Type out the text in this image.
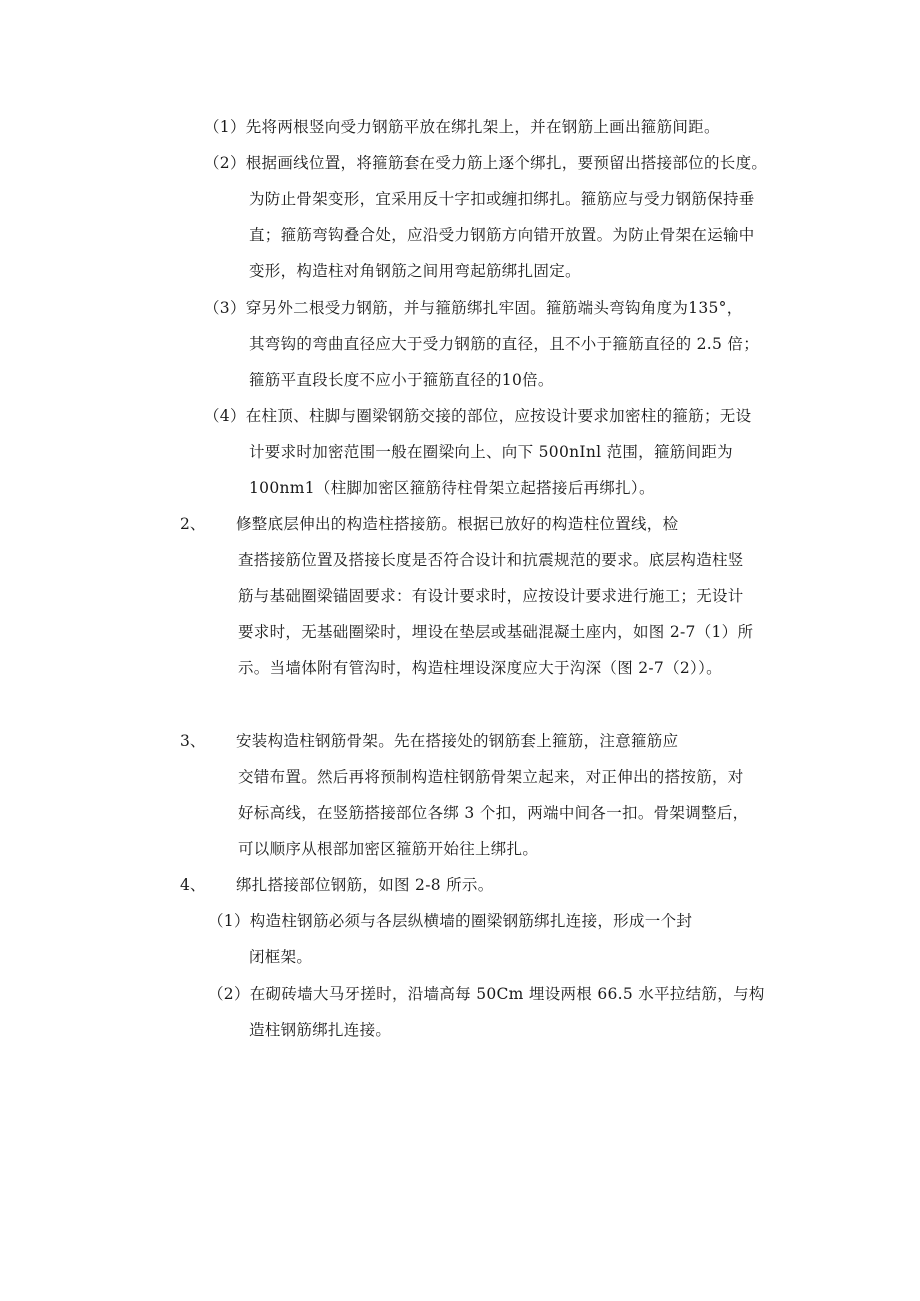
（1）先将两根竖向受力钢筋平放在绑扎架上，并在钢筋上画出箍筋间距。
（2）根据画线位置，将箍筋套在受力筋上逐个绑扎，要预留出搭接部位的长度。
为防止骨架变形，宜采用反十字扣或缠扣绑扎。箍筋应与受力钢筋保持垂
直；箍筋弯钩叠合处，应沿受力钢筋方向错开放置。为防止骨架在运输中
变形，构造柱对角钢筋之间用弯起筋绑扎固定。
（3）穿另外二根受力钢筋，并与箍筋绑扎牢固。箍筋端头弯钩角度为135°，
其弯钩的弯曲直径应大于受力钢筋的直径，且不小于箍筋直径的 2.5 倍；
箍筋平直段长度不应小于箍筋直径的10倍。
（4）在柱顶、柱脚与圈梁钢筋交接的部位，应按设计要求加密柱的箍筋；无设
计要求时加密范围一般在圈梁向上、向下 500nInl 范围，箍筋间距为
100nm1（柱脚加密区箍筋待柱骨架立起搭接后再绑扎）。
2、 修整底层伸出的构造柱搭接筋。根据已放好的构造柱位置线，检
查搭接筋位置及搭接长度是否符合设计和抗震规范的要求。底层构造柱竖
筋与基础圈梁锚固要求：有设计要求时，应按设计要求进行施工；无设计
要求时，无基础圈梁时，埋设在垫层或基础混凝土座内，如图 2-7（1）所
示。当墙体附有管沟时，构造柱埋设深度应大于沟深（图 2-7（2））。
3、 安装构造柱钢筋骨架。先在搭接处的钢筋套上箍筋，注意箍筋应
交错布置。然后再将预制构造柱钢筋骨架立起来，对正伸出的搭按筋，对
好标高线，在竖筋搭接部位各绑 3 个扣，两端中间各一扣。骨架调整后，
可以顺序从根部加密区箍筋开始往上绑扎。
4、 绑扎搭接部位钢筋，如图 2-8 所示。
（1）构造柱钢筋必须与各层纵横墙的圈梁钢筋绑扎连接，形成一个封
闭框架。
（2）在砌砖墙大马牙搓时，沿墙高每 50Cm 埋设两根 66.5 水平拉结筋，与构
造柱钢筋绑扎连接。
